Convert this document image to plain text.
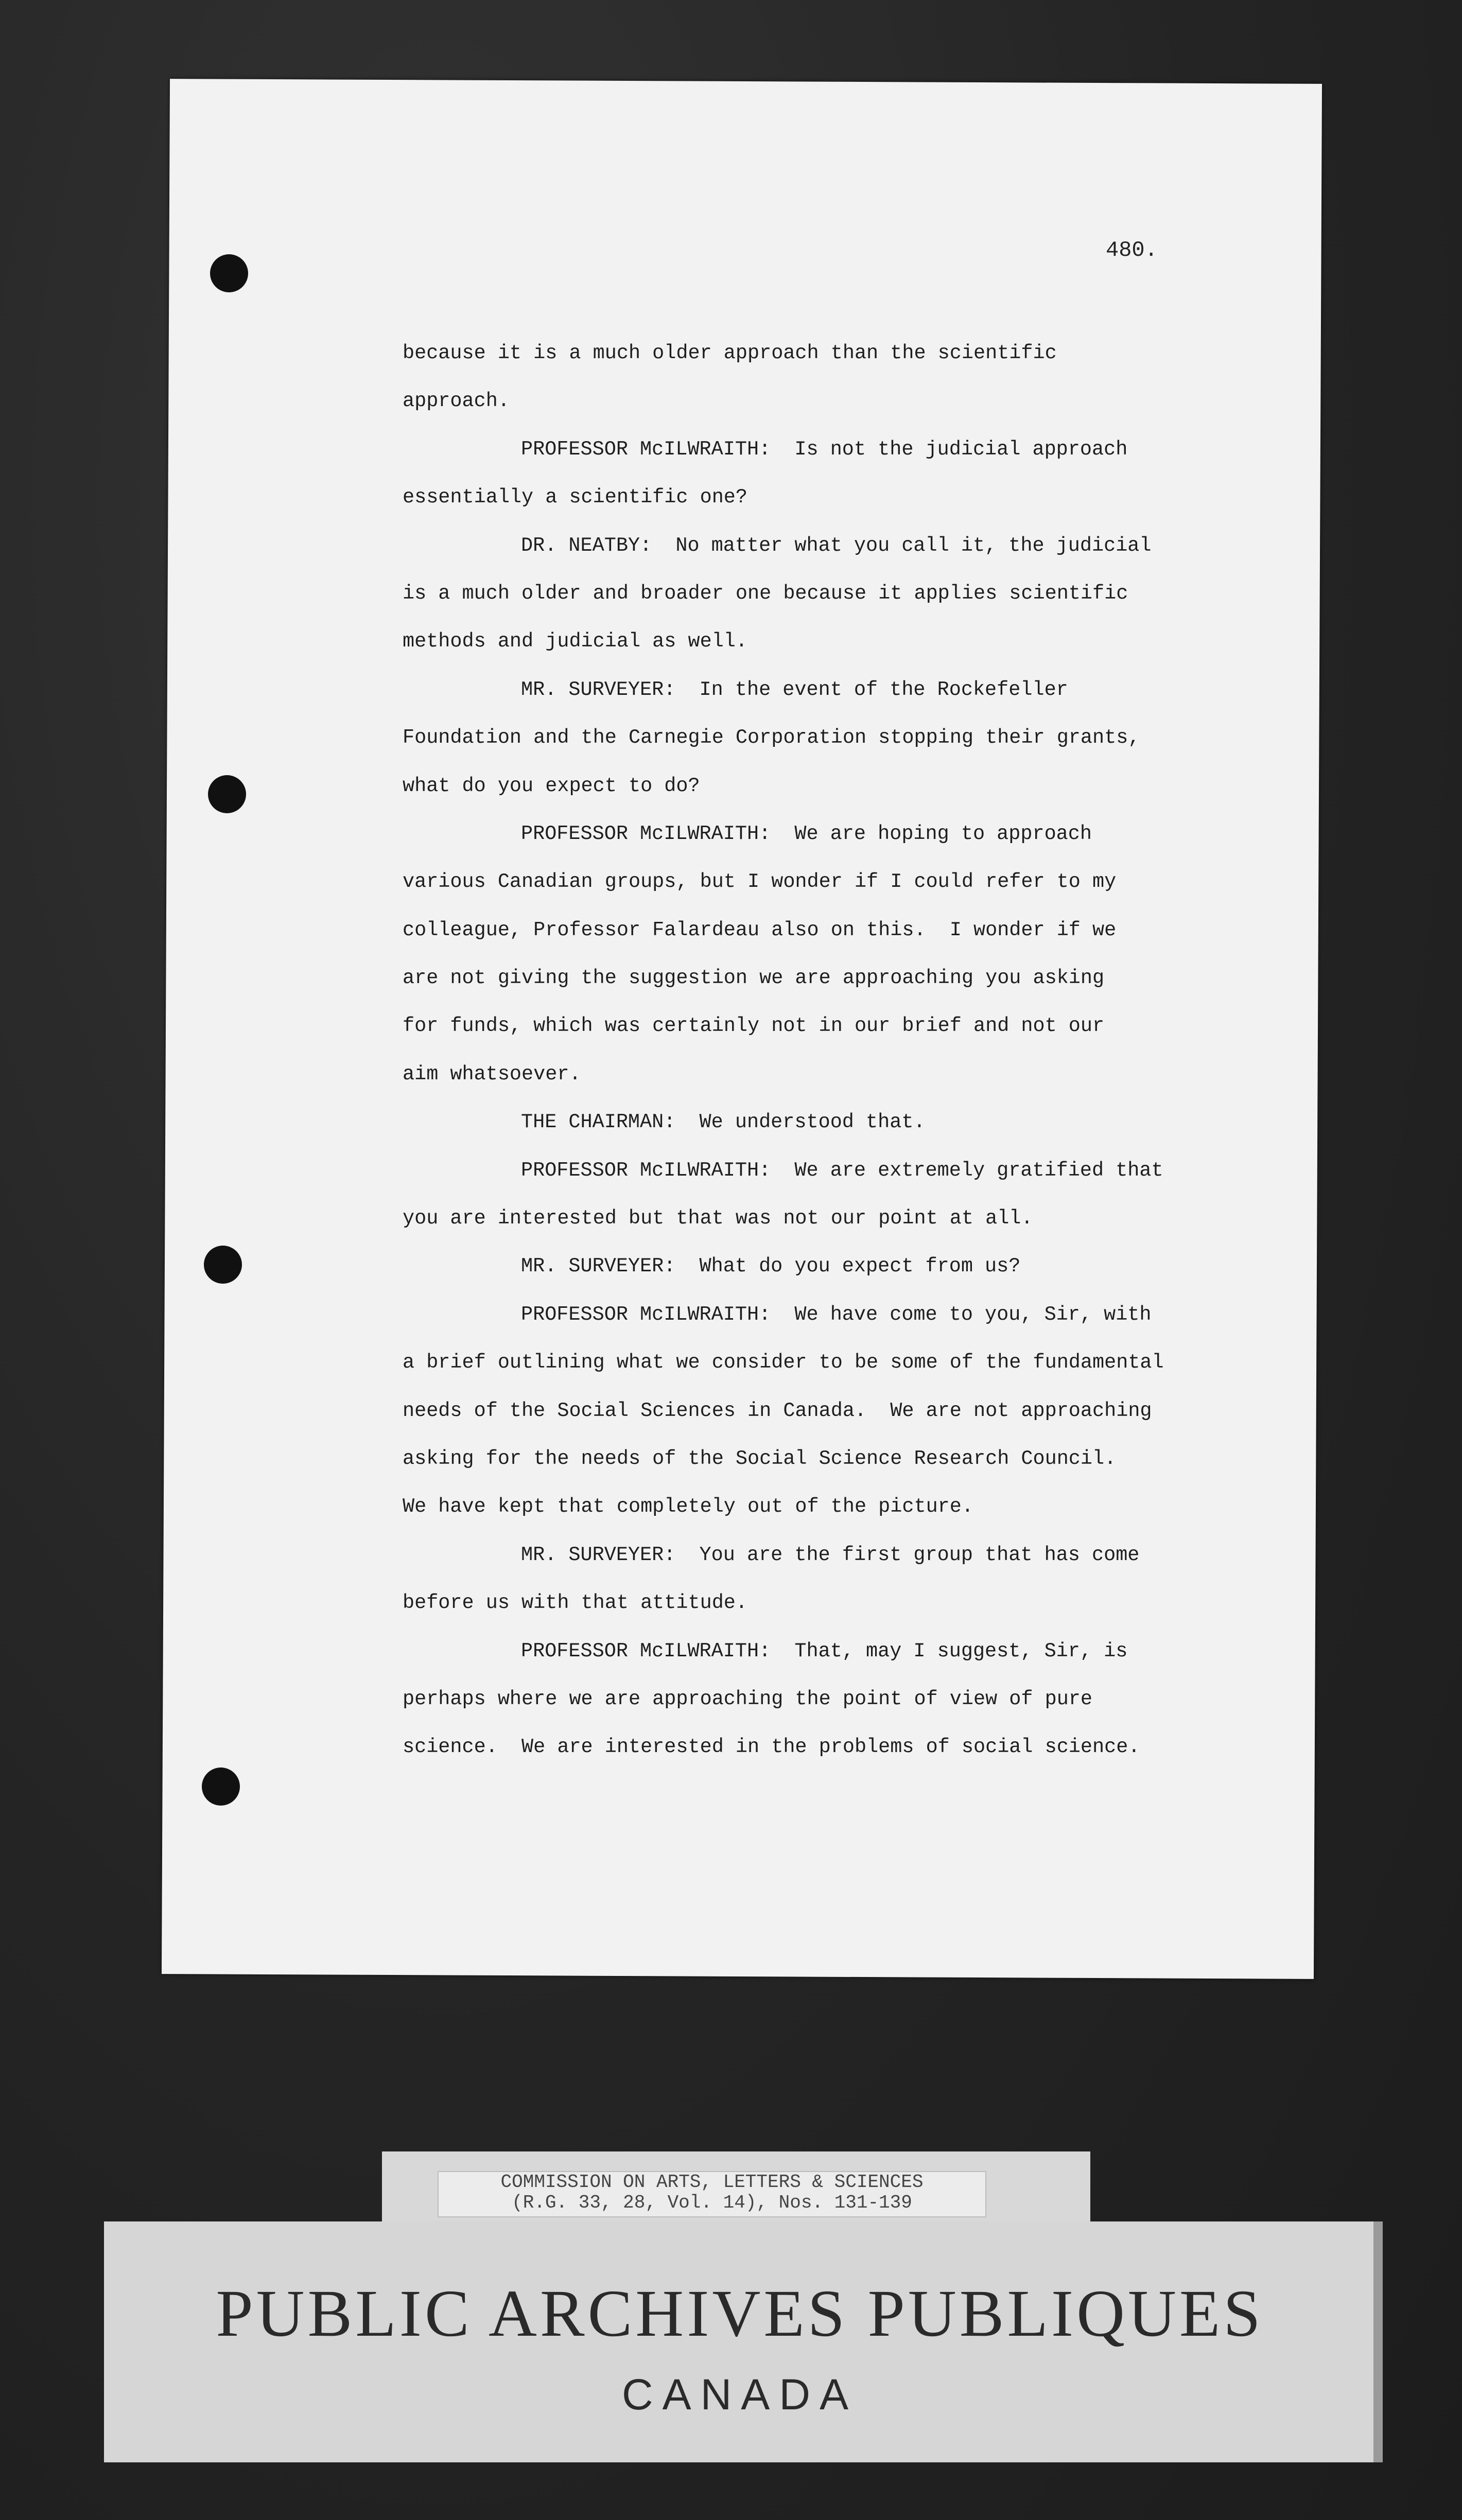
480.
because it is a much older approach than the scientific
approach.
PROFESSOR McILWRAITH:  Is not the judicial approach
essentially a scientific one?
DR. NEATBY:  No matter what you call it, the judicial
is a much older and broader one because it applies scientific
methods and judicial as well.
MR. SURVEYER:  In the event of the Rockefeller
Foundation and the Carnegie Corporation stopping their grants,
what do you expect to do?
PROFESSOR McILWRAITH:  We are hoping to approach
various Canadian groups, but I wonder if I could refer to my
colleague, Professor Falardeau also on this.  I wonder if we
are not giving the suggestion we are approaching you asking
for funds, which was certainly not in our brief and not our
aim whatsoever.
THE CHAIRMAN:  We understood that.
PROFESSOR McILWRAITH:  We are extremely gratified that
you are interested but that was not our point at all.
MR. SURVEYER:  What do you expect from us?
PROFESSOR McILWRAITH:  We have come to you, Sir, with
a brief outlining what we consider to be some of the fundamental
needs of the Social Sciences in Canada.  We are not approaching
asking for the needs of the Social Science Research Council.
We have kept that completely out of the picture.
MR. SURVEYER:  You are the first group that has come
before us with that attitude.
PROFESSOR McILWRAITH:  That, may I suggest, Sir, is
perhaps where we are approaching the point of view of pure
science.  We are interested in the problems of social science.
COMMISSION ON ARTS, LETTERS & SCIENCES
(R.G. 33, 28, Vol. 14), Nos. 131-139
PUBLIC ARCHIVES PUBLIQUES
CANADA
